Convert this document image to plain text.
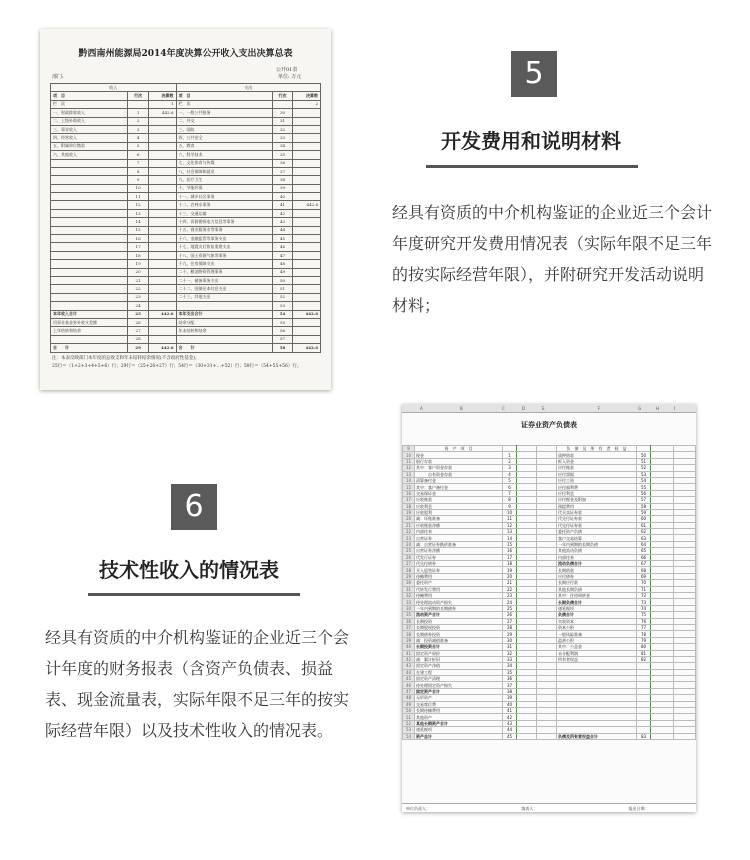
黔西南州能源局2014年度决算公开收入支出决算总表
公开01表
部门:	单位: 万元
收入			支出		
项　目	行次	决算数	项　目	行次	决算数
栏　次		1	栏　次		2
一、财政拨款收入	1	442.6	一、一般公共服务	30	
二、上级补助收入	2		二、外交	31	
三、事业收入	3		三、国防	32	
四、经营收入	4		四、公共安全	33	
五、附属单位缴款	5		五、教育	34	
六、其他收入	6		六、科学技术	35	
	7		七、文化体育与传媒	36	
	8		八、社会保障和就业	37	
	9		九、医疗卫生	38	
	10		十、节能环保	39	
	11		十一、城乡社区事务	40	
	12		十二、农林水事务	41	442.6
	13		十三、交通运输	42	
	14		十四、资源勘探电力信息等事务	43	
	15		十五、商业服务业等事务	44	
	16		十六、金融监管等事务支出	45	
	17		十七、地震灾后恢复重建支出	46	
	18		十八、国土资源气象等事务	47	
	19		十九、住房保障支出	48	
	20		二十、粮油物资管理事务	49	
	21		二十一、储备事务支出	50	
	22		二十二、国债还本付息支出	51	
	23		二十三、其他支出	52	
	24			53	
本年收入合计	25	442.6	本年支出合计	54	442.6
用事业基金弥补收支差额	26		结余分配	55	
上年结转和结余	27		年末结转和结余	56	
	28			57	
合　　计	29	442.6	合　　计	58	442.6
注：本表反映部门本年度的总收支和年末结转结余情况(不含政府性基金)。
25行＝（1+2+3+4+5+6）行；29行＝（25+26+27）行；54行＝（30+31+…+52）行；58行＝（54+55+56）行。
5
开发费用和说明材料
经具有资质的中介机构鉴证的企业近三个会计年度研究开发费用情况表（实际年限不足三年的按实际经营年限），并附研究开发活动说明材料；
6
技术性收入的情况表
经具有资质的中介机构鉴证的企业近三个会计年度的财务报表（含资产负债表、损益表、现金流量表，实际年限不足三年的按实际经营年限）以及技术性收入的情况表。
A	B	C	D	E	F	G	H	I
证券业资产负债表
9	资　产　项　目				负　债　及　所　有　者　权　益			
10	现金	1			质押借款	50		
11	银行存款	2			拆入资金	51		
12	其中：客户资金存款	3			应付账款	52		
13	　　　自有资金存款	4			应付票据	53		
14	清算备付金	5			应付工资	54		
15	其中：客户备付金	6			应付福利费	55		
16	交易保证金	7			应付利息	56		
17	应收账款	8			应付税金及附加	57		
18	应收利息	9			预提费用	58		
19	应收股利	10			代买卖证券款	59		
20	减：坏账准备	11			代兑付证券款	60		
21	应收账款净额	12			代兑付证券款	61		
22	内部往来	13			委托资产负债	62		
23	自营证券	14			客户交易结算	63		
24	减：自营证券跌价准备	15			一年内到期的长期负债	64		
25	自营证券净额	16			其他流动负债	65		
26	代发行证券	17			内部往来	66		
27	代兑付债券	18			流动负债合计	67		
28	买入返售证券	19			长期借款	68		
29	待摊费用	20			应付债券	69		
30	委托资产	21			长期应付款	70		
31	代转发行费用	22			其他长期负债	71		
32	待摊费用	23			其中：住房周转金	72		
33	待处理流动资产损失	24			长期负债合计	73		
34	一年内到期的长期债券	25			递延税项	74		
35	流动资产合计	26			负债合计	75		
36	长期投资	27			实收资本	76		
37	长期股权投资	28			资本公积	77		
38	长期债券投资	29			一般风险准备	78		
39	减：投资减值准备	30			盈余公积	79		
40	长期投资合计	31			其中：公益金	80		
41	固定资产原价	32			未分配利润	81		
42	减：累计折旧	33			所有者权益	82		
43	固定资产净值	34						
44	在建工程	35						
45	固定资产清理	36						
46	待处理固定资产损失	37						
47	固定资产合计	38						
48	无形资产	39						
49	交易席位费	40						
50	长期待摊费用	41						
51	其他资产	42						
52	其他长期资产合计	43						
53	递延税项	44						
54	资产总计	45			负债及所有者权益合计	83		
单位负责人：	填表人：	报出日期：
